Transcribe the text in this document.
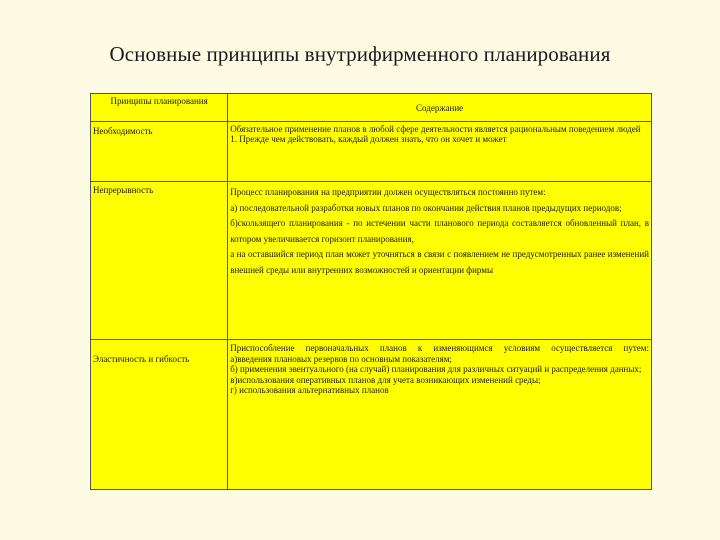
Основные принципы внутрифирменного планирования
Принципы планирования	Содержание
Необходимость	Обязательное применение планов в любой сфере деятельности является рациональным поведением людей

1. Прежде чем действовать, каждый должен знать, что он хочет и может

Непрерывность	Процесс планирования на предприятии должен осуществляться постоянно путем:

а) последовательной разработки новых планов по окончании действия планов предыдущих периодов;

б)скользящего планирования - по истечении части планового периода составляется обновленный план, в котором увеличивается горизонт планирования,

а на оставшийся период план может уточняться в связи с появлением не предусмотренных ранее изменений внешней среды или внутренних возможностей и ориентации фирмы

Эластичность и гибкость	Приспособление первоначальных планов к изменяющимся условиям осуществляется путем:

а)введения плановых резервов по основным показателям;

б) применения эвентуального (на случай) планирования для различных ситуаций и распределения данных;

в)использования оперативных планов для учета возникающих изменений среды;

г) использования альтернативных планов
